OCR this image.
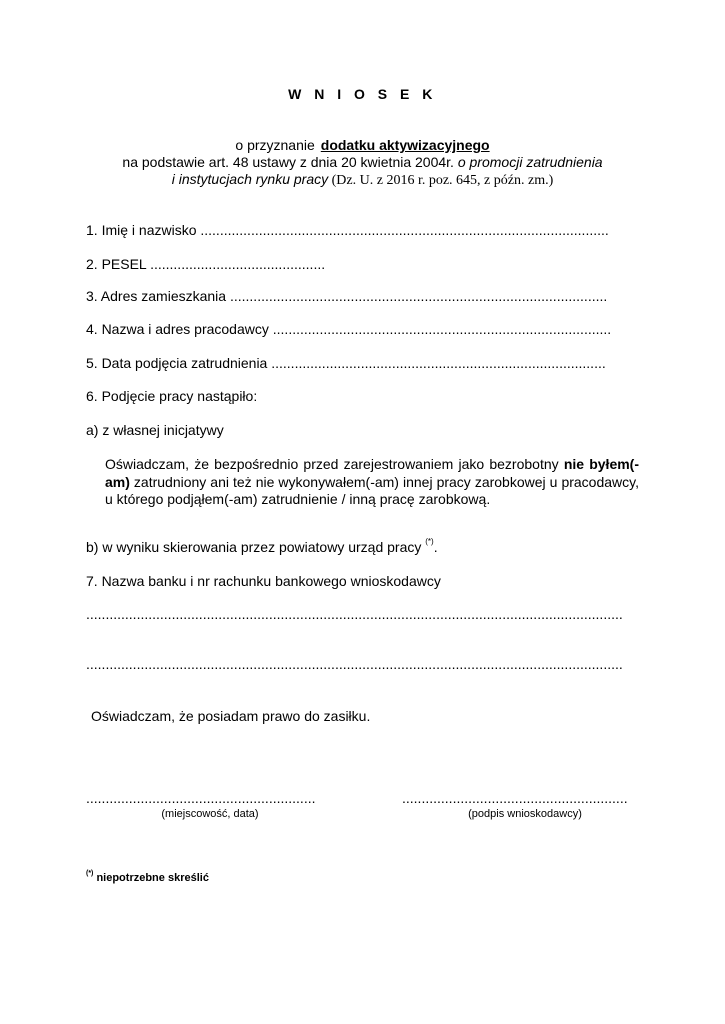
W N I O S E K
o przyznanie dodatku aktywizacyjnego
na podstawie art. 48 ustawy z dnia 20 kwietnia 2004r. o promocji zatrudnienia
i instytucjach rynku pracy (Dz. U. z 2016 r. poz. 645, z późn. zm.)
1. Imię i nazwisko .........................................................................................................
2. PESEL .............................................
3. Adres zamieszkania .................................................................................................
4. Nazwa i adres pracodawcy .......................................................................................
5. Data podjęcia zatrudnienia ......................................................................................
6. Podjęcie pracy nastąpiło:
a) z własnej inicjatywy
Oświadczam, że bezpośrednio przed zarejestrowaniem jako bezrobotny nie byłem(-am) zatrudniony ani też nie wykonywałem(-am) innej pracy zarobkowej u pracodawcy, u którego podjąłem(-am) zatrudnienie / inną pracę zarobkową.
b) w wyniku skierowania przez powiatowy urząd pracy (*).
7. Nazwa banku i nr rachunku bankowego wnioskodawcy
..........................................................................................................................................
..........................................................................................................................................
Oświadczam, że posiadam prawo do zasiłku.
...........................................................
(miejscowość, data)
..........................................................
(podpis wnioskodawcy)
(*) niepotrzebne skreślić
